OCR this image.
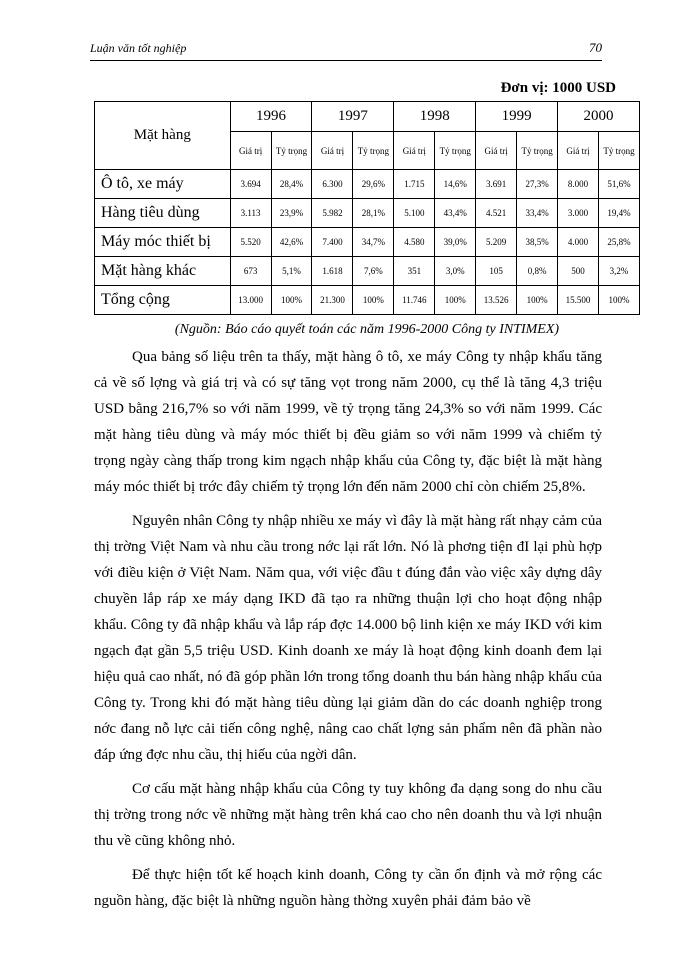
Luận văn tốt nghiệp	70
Đơn vị: 1000 USD
Mặt hàng	1996		1997		1998		1999		2000	
	Giá trị	Tỷ trọng	Giá trị	Tỷ trọng	Giá trị	Tỷ trọng	Giá trị	Tỷ trọng	Giá trị	Tỷ trọng
Ô tô, xe máy	3.694	28,4%	6.300	29,6%	1.715	14,6%	3.691	27,3%	8.000	51,6%
Hàng tiêu dùng	3.113	23,9%	5.982	28,1%	5.100	43,4%	4.521	33,4%	3.000	19,4%
Máy móc thiết bị	5.520	42,6%	7.400	34,7%	4.580	39,0%	5.209	38,5%	4.000	25,8%
Mặt hàng khác	673	5,1%	1.618	7,6%	351	3,0%	105	0,8%	500	3,2%
Tổng cộng	13.000	100%	21.300	100%	11.746	100%	13.526	100%	15.500	100%
(Nguồn: Báo cáo quyết toán các năm 1996-2000 Công ty INTIMEX)

Qua bảng số liệu trên ta thấy, mặt hàng ô tô, xe máy Công ty nhập khẩu tăng cả về số lợng và giá trị và có sự tăng vọt trong năm 2000, cụ thể là tăng 4,3 triệu USD bằng 216,7% so với năm 1999, về tỷ trọng tăng 24,3% so với năm 1999. Các mặt hàng tiêu dùng và máy móc thiết bị đều giảm so với năm 1999 và chiếm tỷ trọng ngày càng thấp trong kim ngạch nhập khẩu của Công ty, đặc biệt là mặt hàng máy móc thiết bị trớc đây chiếm tỷ trọng lớn đến năm 2000 chỉ còn chiếm 25,8%.

Nguyên nhân Công ty nhập nhiều xe máy vì đây là mặt hàng rất nhạy cảm của thị trờng Việt Nam và nhu cầu trong nớc lại rất lớn. Nó là phơng tiện đI lại phù hợp với điều kiện ở Việt Nam. Năm qua, với việc đầu t đúng đắn vào việc xây dựng dây chuyền lắp ráp xe máy dạng IKD đã tạo ra những thuận lợi cho hoạt động nhập khẩu. Công ty đã nhập khẩu và lắp ráp đợc 14.000 bộ linh kiện xe máy IKD với kim ngạch đạt gần 5,5 triệu USD. Kinh doanh xe máy là hoạt động kinh doanh đem lại hiệu quả cao nhất, nó đã góp phần lớn trong tổng doanh thu bán hàng nhập khẩu của Công ty. Trong khi đó mặt hàng tiêu dùng lại giảm dần do các doanh nghiệp trong nớc đang nỗ lực cải tiến công nghệ, nâng cao chất lợng sản phẩm nên đã phần nào đáp ứng đợc nhu cầu, thị hiếu của ngời dân.

Cơ cấu mặt hàng nhập khẩu của Công ty tuy không đa dạng song do nhu cầu thị trờng trong nớc về những mặt hàng trên khá cao cho nên doanh thu và lợi nhuận thu về cũng không nhỏ.

Để thực hiện tốt kế hoạch kinh doanh, Công ty cần ổn định và mở rộng các nguồn hàng, đặc biệt là những nguồn hàng thờng xuyên phải đảm bảo về
